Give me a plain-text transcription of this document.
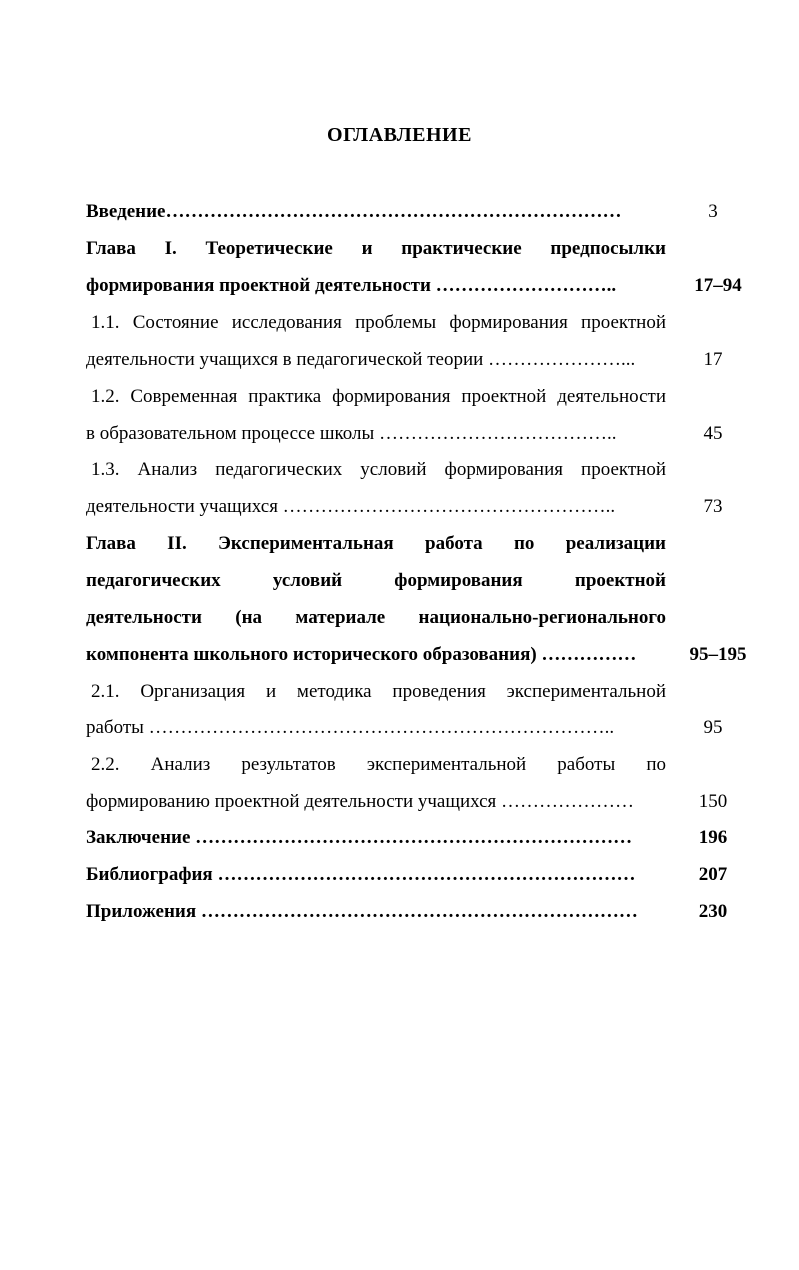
ОГЛАВЛЕНИЕ
Введение………………………………………………………………	3
Глава I. Теоретические и практические предпосылки
формирования проектной деятельности ………………………..	17–94
1.1. Состояние исследования проблемы формирования проектной
деятельности учащихся в педагогической теории …………………...	17
1.2. Современная практика формирования проектной деятельности
в образовательном процессе школы ………………………………..	45
1.3. Анализ педагогических условий формирования проектной
деятельности учащихся ……………………………………………..	73
Глава II. Экспериментальная работа по реализации
педагогических условий формирования проектной
деятельности (на материале национально-регионального
компонента школьного исторического образования) ……………	95–195
2.1. Организация и методика проведения экспериментальной
работы ………………………………………………………………..	95
2.2. Анализ результатов экспериментальной работы по
формированию проектной деятельности учащихся …………………	150
Заключение ……………………………………………………………	196
Библиография …………………………………………………………	207
Приложения ……………………………………………………………	230
